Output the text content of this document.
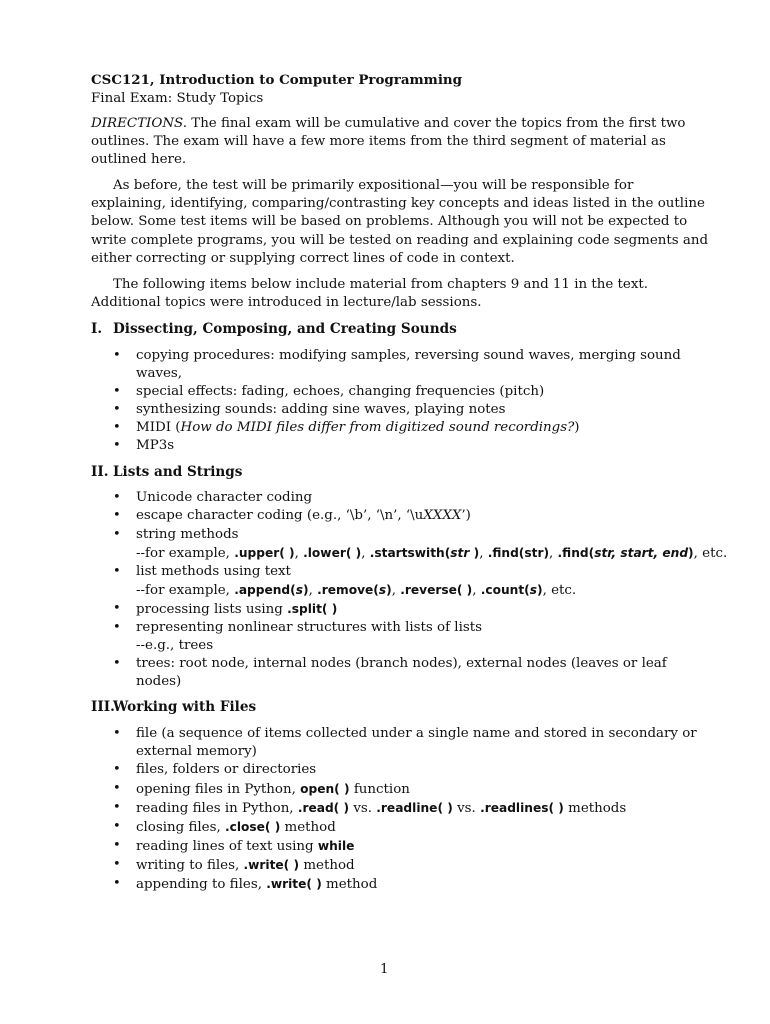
CSC121, Introduction to Computer Programming
Final Exam: Study Topics
DIRECTIONS. The final exam will be cumulative and cover the topics from the first two
outlines. The exam will have a few more items from the third segment of material as
outlined here.
As before, the test will be primarily expositional—you will be responsible for
explaining, identifying, comparing/contrasting key concepts and ideas listed in the outline
below. Some test items will be based on problems. Although you will not be expected to
write complete programs, you will be tested on reading and explaining code segments and
either correcting or supplying correct lines of code in context.
The following items below include material from chapters 9 and 11 in the text.
Additional topics were introduced in lecture/lab sessions.
I. Dissecting, Composing, and Creating Sounds
• copying procedures: modifying samples, reversing sound waves, merging sound
waves,
• special effects: fading, echoes, changing frequencies (pitch)
• synthesizing sounds: adding sine waves, playing notes
• MIDI (How do MIDI files differ from digitized sound recordings?)
• MP3s
II. Lists and Strings
• Unicode character coding
• escape character coding (e.g., ‘\b’, ‘\n’, ‘\uXXXX’)
• string methods
--for example, .upper( ), .lower( ), .startswith(str ), .find(str), .find(str, start, end), etc.
• list methods using text
--for example, .append(s), .remove(s), .reverse( ), .count(s), etc.
• processing lists using .split( )
• representing nonlinear structures with lists of lists
--e.g., trees
• trees: root node, internal nodes (branch nodes), external nodes (leaves or leaf
nodes)
III.Working with Files
• file (a sequence of items collected under a single name and stored in secondary or
external memory)
• files, folders or directories
• opening files in Python, open( ) function
• reading files in Python, .read( ) vs. .readline( ) vs. .readlines( ) methods
• closing files, .close( ) method
• reading lines of text using while
• writing to files, .write( ) method
• appending to files, .write( ) method
1
